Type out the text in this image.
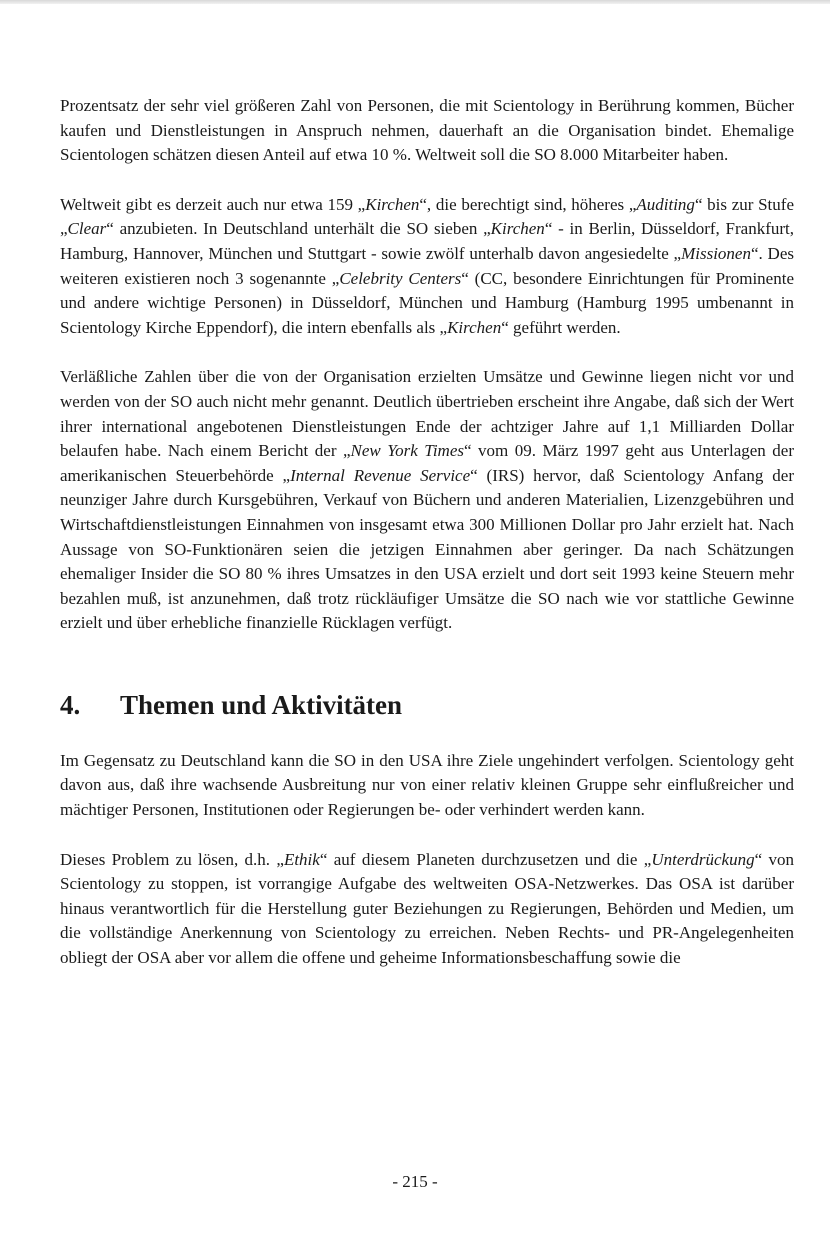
Prozentsatz der sehr viel größeren Zahl von Personen, die mit Scientology in Berührung kommen, Bücher kaufen und Dienstleistungen in Anspruch nehmen, dauerhaft an die Organisation bindet. Ehemalige Scientologen schätzen diesen Anteil auf etwa 10 %. Weltweit soll die SO 8.000 Mitarbeiter haben.

Weltweit gibt es derzeit auch nur etwa 159 „Kirchen“, die berechtigt sind, höheres „Auditing“ bis zur Stufe „Clear“ anzubieten. In Deutschland unterhält die SO sieben „Kirchen“ - in Berlin, Düsseldorf, Frankfurt, Hamburg, Hannover, München und Stuttgart - sowie zwölf unterhalb davon angesiedelte „Missionen“. Des weiteren existieren noch 3 sogenannte „Celebrity Centers“ (CC, besondere Einrichtungen für Prominente und andere wichtige Personen) in Düsseldorf, München und Hamburg (Hamburg 1995 umbenannt in Scientology Kirche Eppendorf), die intern ebenfalls als „Kirchen“ geführt werden.

Verläßliche Zahlen über die von der Organisation erzielten Umsätze und Gewinne liegen nicht vor und werden von der SO auch nicht mehr genannt. Deutlich übertrieben erscheint ihre Angabe, daß sich der Wert ihrer international angebotenen Dienstleistungen Ende der achtziger Jahre auf 1,1 Milliarden Dollar belaufen habe. Nach einem Bericht der „New York Times“ vom 09. März 1997 geht aus Unterlagen der amerikanischen Steuerbehörde „Internal Revenue Service“ (IRS) hervor, daß Scientology Anfang der neunziger Jahre durch Kursgebühren, Verkauf von Büchern und anderen Materialien, Lizenzgebühren und Wirtschaftdienstleistungen Einnahmen von insgesamt etwa 300 Millionen Dollar pro Jahr erzielt hat. Nach Aussage von SO-Funktionären seien die jetzigen Einnahmen aber geringer. Da nach Schätzungen ehemaliger Insider die SO 80 % ihres Umsatzes in den USA erzielt und dort seit 1993 keine Steuern mehr bezahlen muß, ist anzunehmen, daß trotz rückläufiger Umsätze die SO nach wie vor stattliche Gewinne erzielt und über erhebliche finanzielle Rücklagen verfügt.

4.	Themen und Aktivitäten

Im Gegensatz zu Deutschland kann die SO in den USA ihre Ziele ungehindert verfolgen. Scientology geht davon aus, daß ihre wachsende Ausbreitung nur von einer relativ kleinen Gruppe sehr einflußreicher und mächtiger Personen, Institutionen oder Regierungen be- oder verhindert werden kann.

Dieses Problem zu lösen, d.h. „Ethik“ auf diesem Planeten durchzusetzen und die „Unterdrückung“ von Scientology zu stoppen, ist vorrangige Aufgabe des weltweiten OSA-Netzwerkes. Das OSA ist darüber hinaus verantwortlich für die Herstellung guter Beziehungen zu Regierungen, Behörden und Medien, um die vollständige Anerkennung von Scientology zu erreichen. Neben Rechts- und PR-Angelegenheiten obliegt der OSA aber vor allem die offene und geheime Informationsbeschaffung sowie die

- 215 -
